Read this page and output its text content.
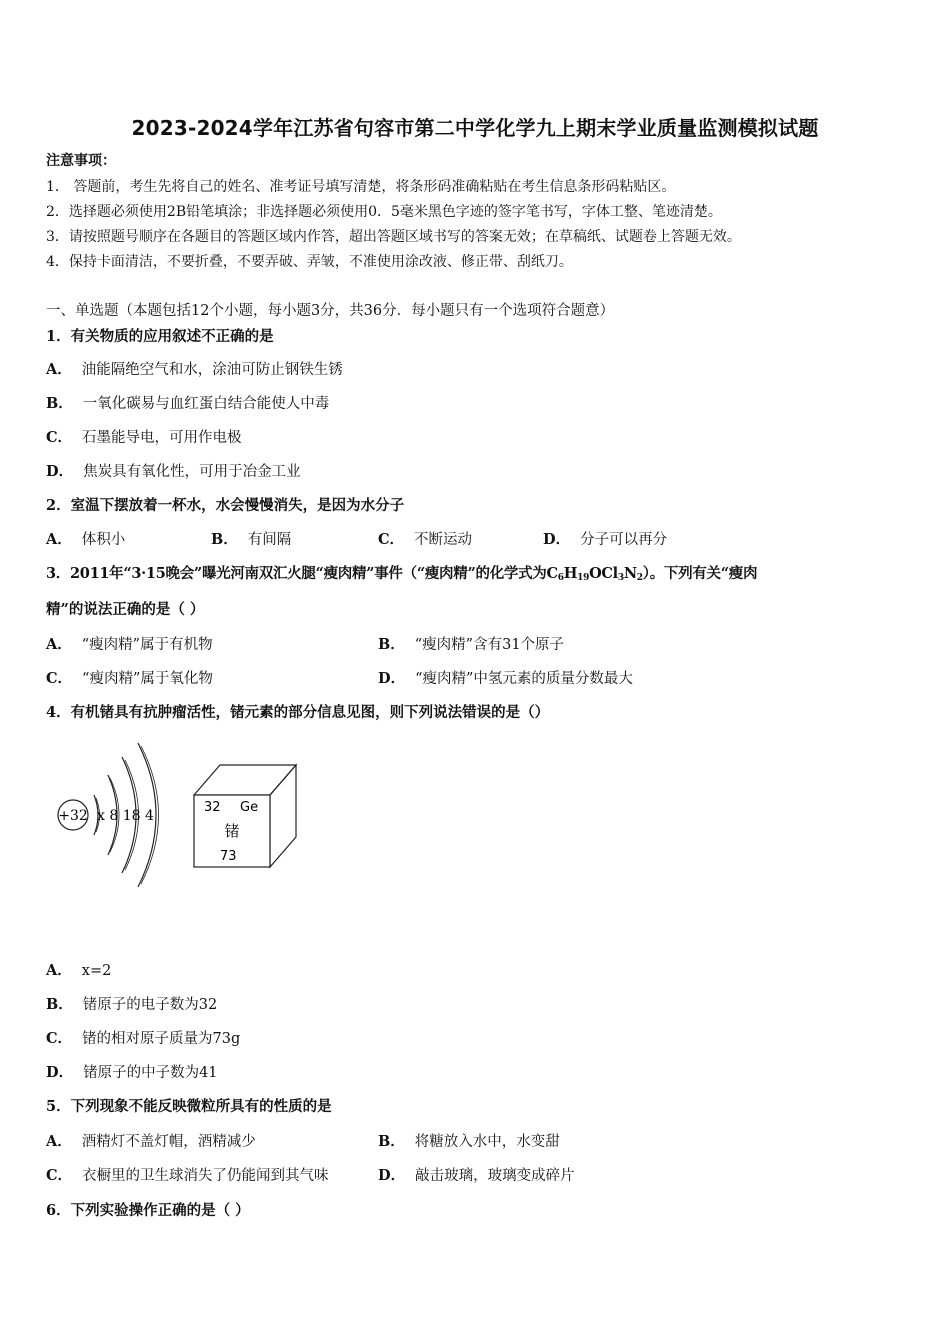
2023-2024学年江苏省句容市第二中学化学九上期末学业质量监测模拟试题
注意事项：
1． 答题前，考生先将自己的姓名、准考证号填写清楚，将条形码准确粘贴在考生信息条形码粘贴区。
2．选择题必须使用2B铅笔填涂；非选择题必须使用0．5毫米黑色字迹的签字笔书写，字体工整、笔迹清楚。
3．请按照题号顺序在各题目的答题区域内作答，超出答题区域书写的答案无效；在草稿纸、试题卷上答题无效。
4．保持卡面清洁，不要折叠，不要弄破、弄皱，不准使用涂改液、修正带、刮纸刀。
一、单选题（本题包括12个小题，每小题3分，共36分．每小题只有一个选项符合题意）
1．有关物质的应用叙述不正确的是
A． 油能隔绝空气和水，涂油可防止钢铁生锈
B． 一氧化碳易与血红蛋白结合能使人中毒
C． 石墨能导电，可用作电极
D． 焦炭具有氧化性，可用于冶金工业
2．室温下摆放着一杯水，水会慢慢消失，是因为水分子
A． 体积小	B． 有间隔	C． 不断运动	D． 分子可以再分
3．2011年“3·15晚会”曝光河南双汇火腿“瘦肉精”事件（“瘦肉精”的化学式为$C_6H_{19}OCl_3N_2$）。下列有关“瘦肉
精”的说法正确的是（ ）
A． “瘦肉精”属于有机物	B． “瘦肉精”含有31个原子
C． “瘦肉精”属于氧化物	D． “瘦肉精”中氢元素的质量分数最大
4．有机锗具有抗肿瘤活性，锗元素的部分信息见图，则下列说法错误的是（）
+32 x 8 18 4
32 Ge
锗
73
A． x=2
B． 锗原子的电子数为32
C． 锗的相对原子质量为73g
D． 锗原子的中子数为41
5．下列现象不能反映微粒所具有的性质的是
A． 酒精灯不盖灯帽，酒精减少	B． 将糖放入水中，水变甜
C． 衣橱里的卫生球消失了仍能闻到其气味	D． 敲击玻璃，玻璃变成碎片
6．下列实验操作正确的是（ ）
